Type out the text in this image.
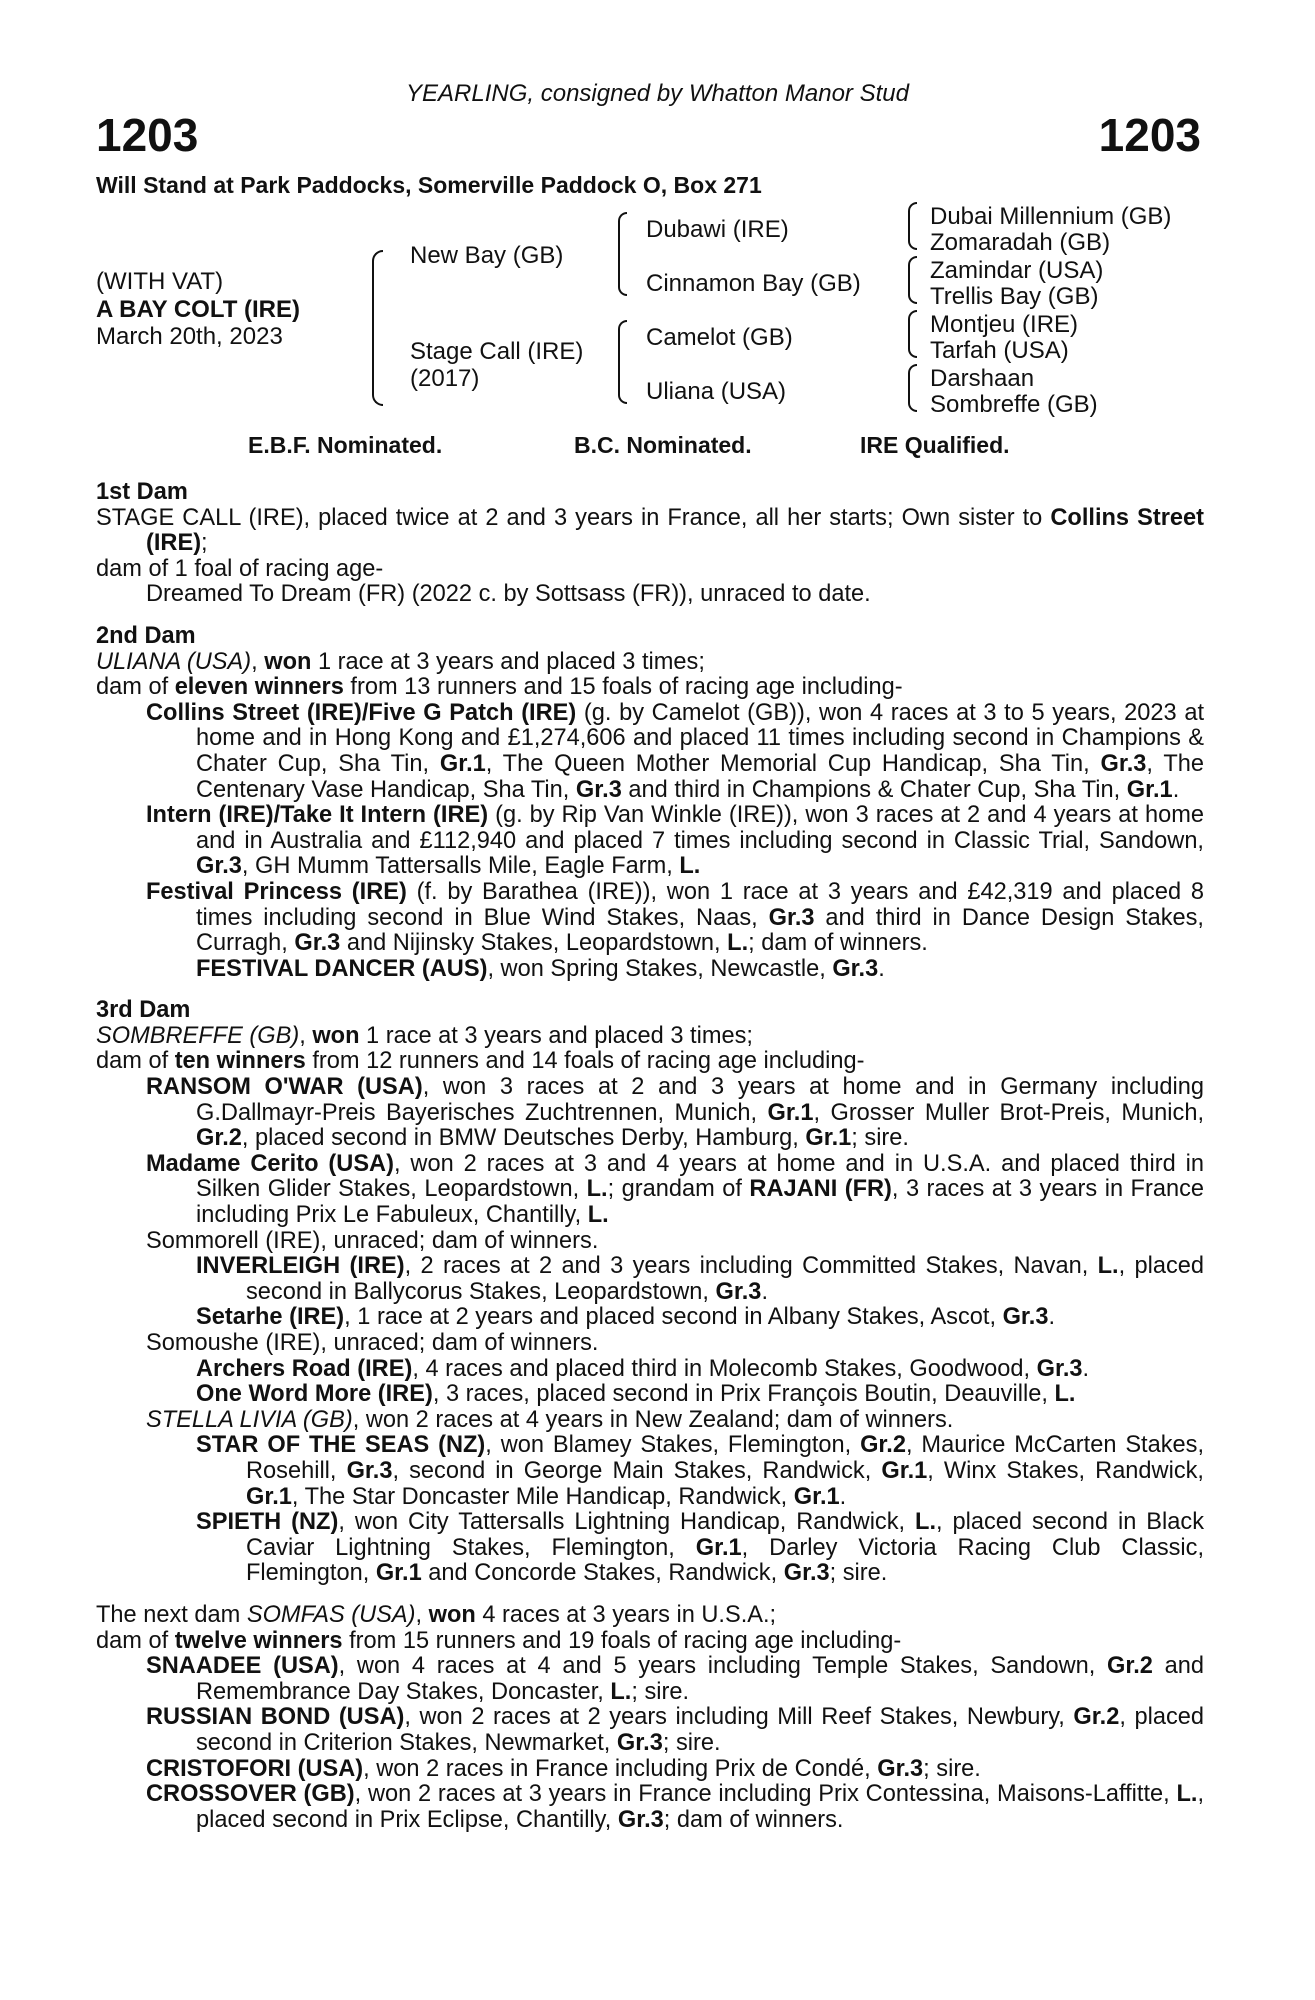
YEARLING, consigned by Whatton Manor Stud
1203	1203
Will Stand at Park Paddocks, Somerville Paddock O, Box 271
(WITH VAT)
A BAY COLT (IRE)
March 20th, 2023
New Bay (GB)
Stage Call (IRE)
(2017)
Dubawi (IRE)
Cinnamon Bay (GB)
Camelot (GB)
Uliana (USA)
Dubai Millennium (GB)
Zomaradah (GB)
Zamindar (USA)
Trellis Bay (GB)
Montjeu (IRE)
Tarfah (USA)
Darshaan
Sombreffe (GB)
E.B.F. Nominated.	B.C. Nominated.	IRE Qualified.
1st Dam
STAGE CALL (IRE), placed twice at 2 and 3 years in France, all her starts; Own sister to Collins Street (IRE);
dam of 1 foal of racing age-
Dreamed To Dream (FR) (2022 c. by Sottsass (FR)), unraced to date.
2nd Dam
ULIANA (USA), won 1 race at 3 years and placed 3 times;
dam of eleven winners from 13 runners and 15 foals of racing age including-
Collins Street (IRE)/Five G Patch (IRE) (g. by Camelot (GB)), won 4 races at 3 to 5 years, 2023 at home and in Hong Kong and £1,274,606 and placed 11 times including second in Champions & Chater Cup, Sha Tin, Gr.1, The Queen Mother Memorial Cup Handicap, Sha Tin, Gr.3, The Centenary Vase Handicap, Sha Tin, Gr.3 and third in Champions & Chater Cup, Sha Tin, Gr.1.
Intern (IRE)/Take It Intern (IRE) (g. by Rip Van Winkle (IRE)), won 3 races at 2 and 4 years at home and in Australia and £112,940 and placed 7 times including second in Classic Trial, Sandown, Gr.3, GH Mumm Tattersalls Mile, Eagle Farm, L.
Festival Princess (IRE) (f. by Barathea (IRE)), won 1 race at 3 years and £42,319 and placed 8 times including second in Blue Wind Stakes, Naas, Gr.3 and third in Dance Design Stakes, Curragh, Gr.3 and Nijinsky Stakes, Leopardstown, L.; dam of winners.
FESTIVAL DANCER (AUS), won Spring Stakes, Newcastle, Gr.3.
3rd Dam
SOMBREFFE (GB), won 1 race at 3 years and placed 3 times;
dam of ten winners from 12 runners and 14 foals of racing age including-
RANSOM O'WAR (USA), won 3 races at 2 and 3 years at home and in Germany including G.Dallmayr-Preis Bayerisches Zuchtrennen, Munich, Gr.1, Grosser Muller Brot-Preis, Munich, Gr.2, placed second in BMW Deutsches Derby, Hamburg, Gr.1; sire.
Madame Cerito (USA), won 2 races at 3 and 4 years at home and in U.S.A. and placed third in Silken Glider Stakes, Leopardstown, L.; grandam of RAJANI (FR), 3 races at 3 years in France including Prix Le Fabuleux, Chantilly, L.
Sommorell (IRE), unraced; dam of winners.
INVERLEIGH (IRE), 2 races at 2 and 3 years including Committed Stakes, Navan, L., placed second in Ballycorus Stakes, Leopardstown, Gr.3.
Setarhe (IRE), 1 race at 2 years and placed second in Albany Stakes, Ascot, Gr.3.
Somoushe (IRE), unraced; dam of winners.
Archers Road (IRE), 4 races and placed third in Molecomb Stakes, Goodwood, Gr.3.
One Word More (IRE), 3 races, placed second in Prix François Boutin, Deauville, L.
STELLA LIVIA (GB), won 2 races at 4 years in New Zealand; dam of winners.
STAR OF THE SEAS (NZ), won Blamey Stakes, Flemington, Gr.2, Maurice McCarten Stakes, Rosehill, Gr.3, second in George Main Stakes, Randwick, Gr.1, Winx Stakes, Randwick, Gr.1, The Star Doncaster Mile Handicap, Randwick, Gr.1.
SPIETH (NZ), won City Tattersalls Lightning Handicap, Randwick, L., placed second in Black Caviar Lightning Stakes, Flemington, Gr.1, Darley Victoria Racing Club Classic, Flemington, Gr.1 and Concorde Stakes, Randwick, Gr.3; sire.
The next dam SOMFAS (USA), won 4 races at 3 years in U.S.A.;
dam of twelve winners from 15 runners and 19 foals of racing age including-
SNAADEE (USA), won 4 races at 4 and 5 years including Temple Stakes, Sandown, Gr.2 and Remembrance Day Stakes, Doncaster, L.; sire.
RUSSIAN BOND (USA), won 2 races at 2 years including Mill Reef Stakes, Newbury, Gr.2, placed second in Criterion Stakes, Newmarket, Gr.3; sire.
CRISTOFORI (USA), won 2 races in France including Prix de Condé, Gr.3; sire.
CROSSOVER (GB), won 2 races at 3 years in France including Prix Contessina, Maisons-Laffitte, L., placed second in Prix Eclipse, Chantilly, Gr.3; dam of winners.
